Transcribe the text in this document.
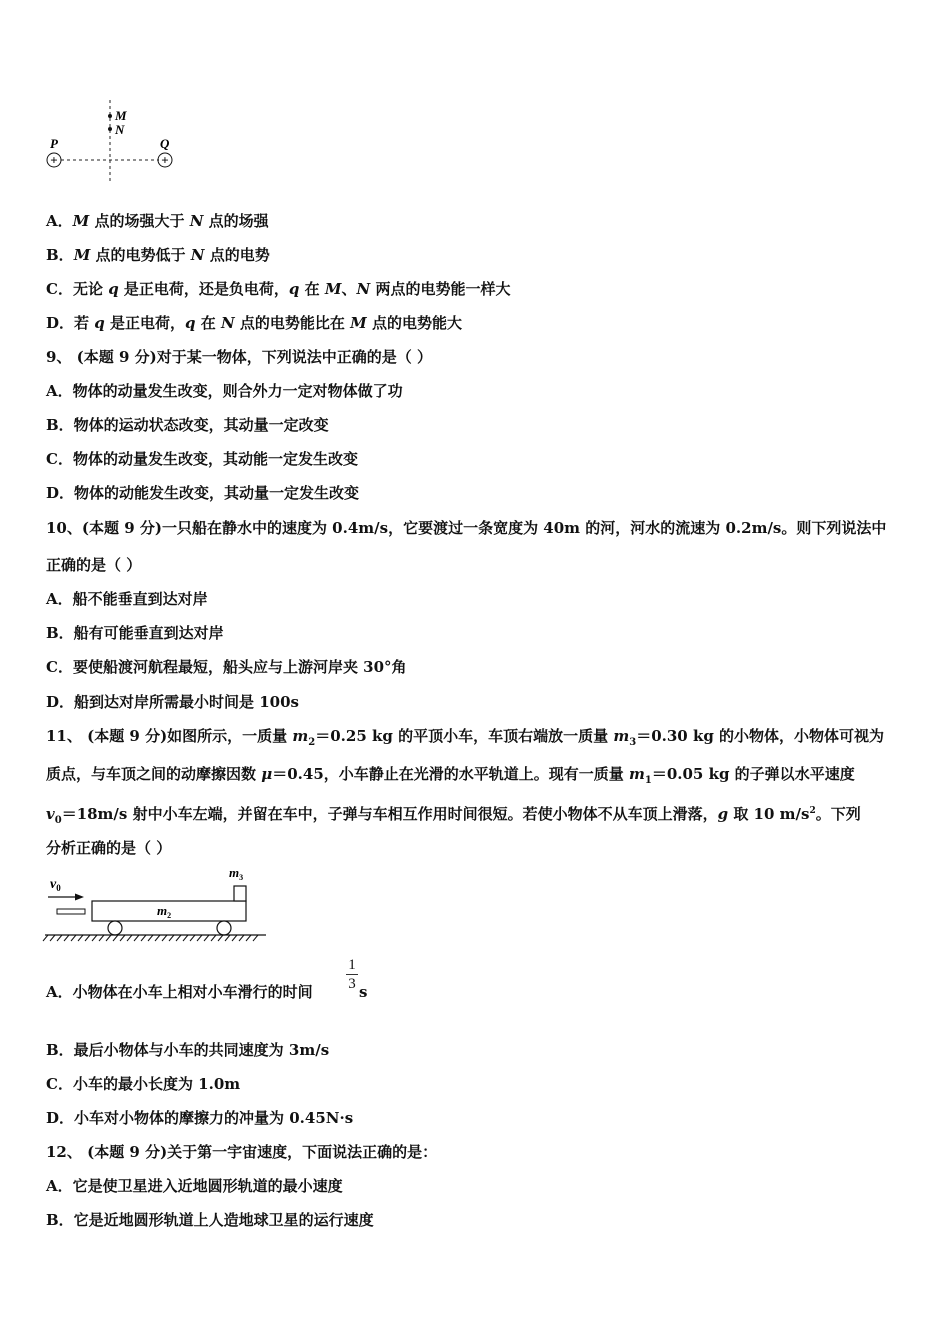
M
N
+	+
P	Q
A．M 点的场强大于 N 点的场强
B．M 点的电势低于 N 点的电势
C．无论 q 是正电荷，还是负电荷，q 在 M、N 两点的电势能一样大
D．若 q 是正电荷，q 在 N 点的电势能比在 M 点的电势能大
9、 (本题 9 分)对于某一物体，下列说法中正确的是（ ）
A．物体的动量发生改变，则合外力一定对物体做了功
B．物体的运动状态改变，其动量一定改变
C．物体的动量发生改变，其动能一定发生改变
D．物体的动能发生改变，其动量一定发生改变
10、(本题 9 分)一只船在静水中的速度为 0.4m/s，它要渡过一条宽度为 40m 的河，河水的流速为 0.2m/s。则下列说法中
正确的是（ ）
A．船不能垂直到达对岸
B．船有可能垂直到达对岸
C．要使船渡河航程最短，船头应与上游河岸夹 30°角
D．船到达对岸所需最小时间是 100s
11、 (本题 9 分)如图所示，一质量 $m_2=0.25$ kg 的平顶小车，车顶右端放一质量 $m_3=0.30$ kg 的小物体，小物体可视为
质点，与车顶之间的动摩擦因数 μ＝0.45，小车静止在光滑的水平轨道上。现有一质量 $m_1=0.05$ kg 的子弹以水平速度
$v_0=18m/s$ 射中小车左端，并留在车中，子弹与车相互作用时间很短。若使小物体不从车顶上滑落，g 取 10 $m/s^2$。下列
分析正确的是（ ）
$v_0$
$m_2$
$m_3$
A．小物体在小车上相对小车滑行的时间
1
3 s
B．最后小物体与小车的共同速度为 3m/s
C．小车的最小长度为 1.0m
D．小车对小物体的摩擦力的冲量为 0.45N·s
12、 (本题 9 分)关于第一宇宙速度，下面说法正确的是：
A．它是使卫星进入近地圆形轨道的最小速度
B．它是近地圆形轨道上人造地球卫星的运行速度
